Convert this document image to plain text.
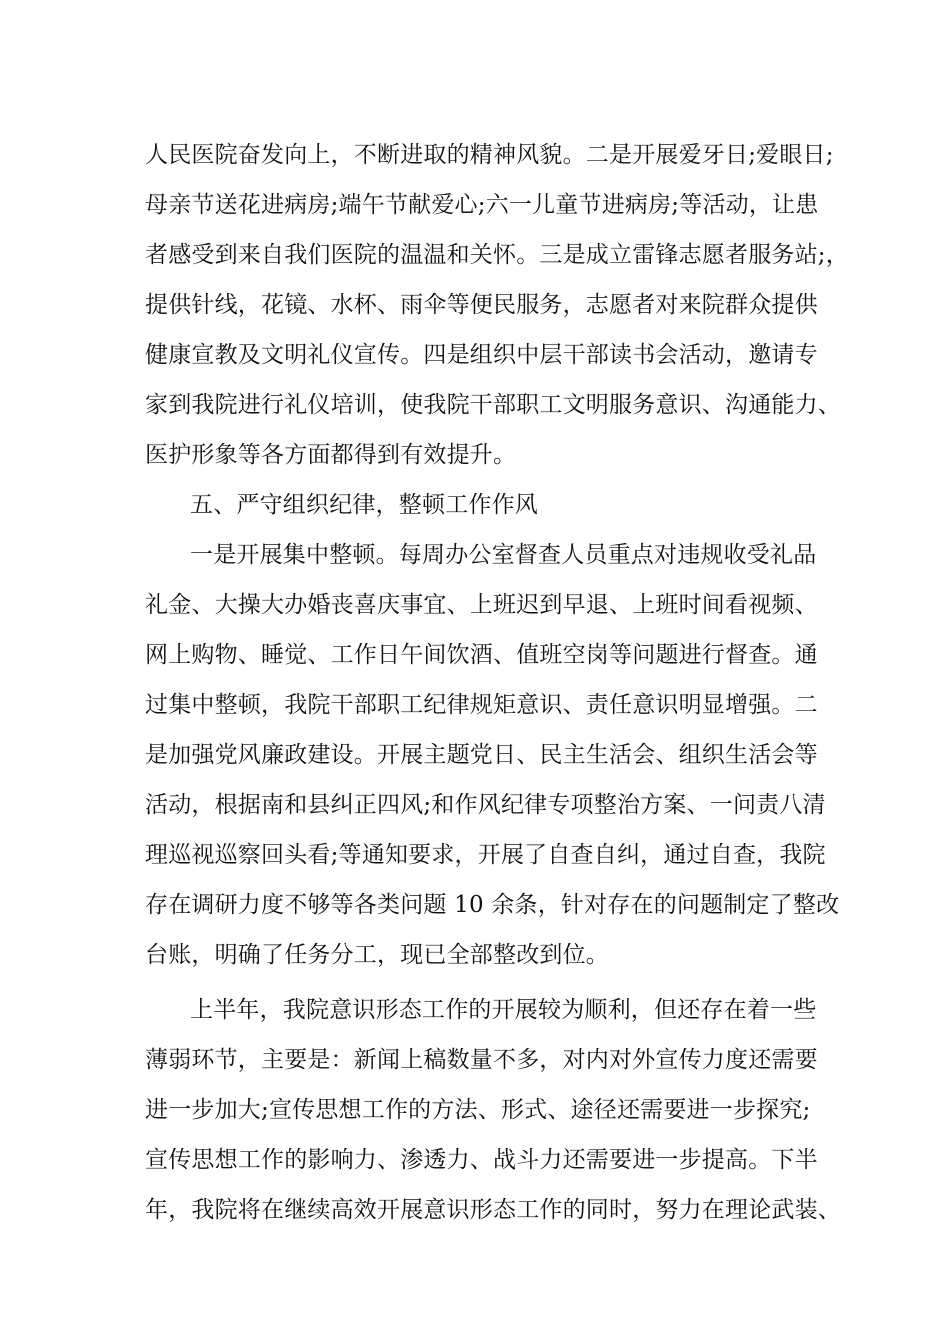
人民医院奋发向上，不断进取的精神风貌。二是开展爱牙日;爱眼日;
母亲节送花进病房;端午节献爱心;六一儿童节进病房;等活动，让患
者感受到来自我们医院的温温和关怀。三是成立雷锋志愿者服务站;，
提供针线，花镜、水杯、雨伞等便民服务，志愿者对来院群众提供
健康宣教及文明礼仪宣传。四是组织中层干部读书会活动，邀请专
家到我院进行礼仪培训，使我院干部职工文明服务意识、沟通能力、
医护形象等各方面都得到有效提升。
五、严守组织纪律，整顿工作作风
一是开展集中整顿。每周办公室督查人员重点对违规收受礼品
礼金、大操大办婚丧喜庆事宜、上班迟到早退、上班时间看视频、
网上购物、睡觉、工作日午间饮酒、值班空岗等问题进行督查。通
过集中整顿，我院干部职工纪律规矩意识、责任意识明显增强。二
是加强党风廉政建设。开展主题党日、民主生活会、组织生活会等
活动，根据南和县纠正四风;和作风纪律专项整治方案、一问责八清
理巡视巡察回头看;等通知要求，开展了自查自纠，通过自查，我院
存在调研力度不够等各类问题 10 余条，针对存在的问题制定了整改
台账，明确了任务分工，现已全部整改到位。
上半年，我院意识形态工作的开展较为顺利，但还存在着一些
薄弱环节，主要是：新闻上稿数量不多，对内对外宣传力度还需要
进一步加大;宣传思想工作的方法、形式、途径还需要进一步探究;
宣传思想工作的影响力、渗透力、战斗力还需要进一步提高。下半
年，我院将在继续高效开展意识形态工作的同时，努力在理论武装、
